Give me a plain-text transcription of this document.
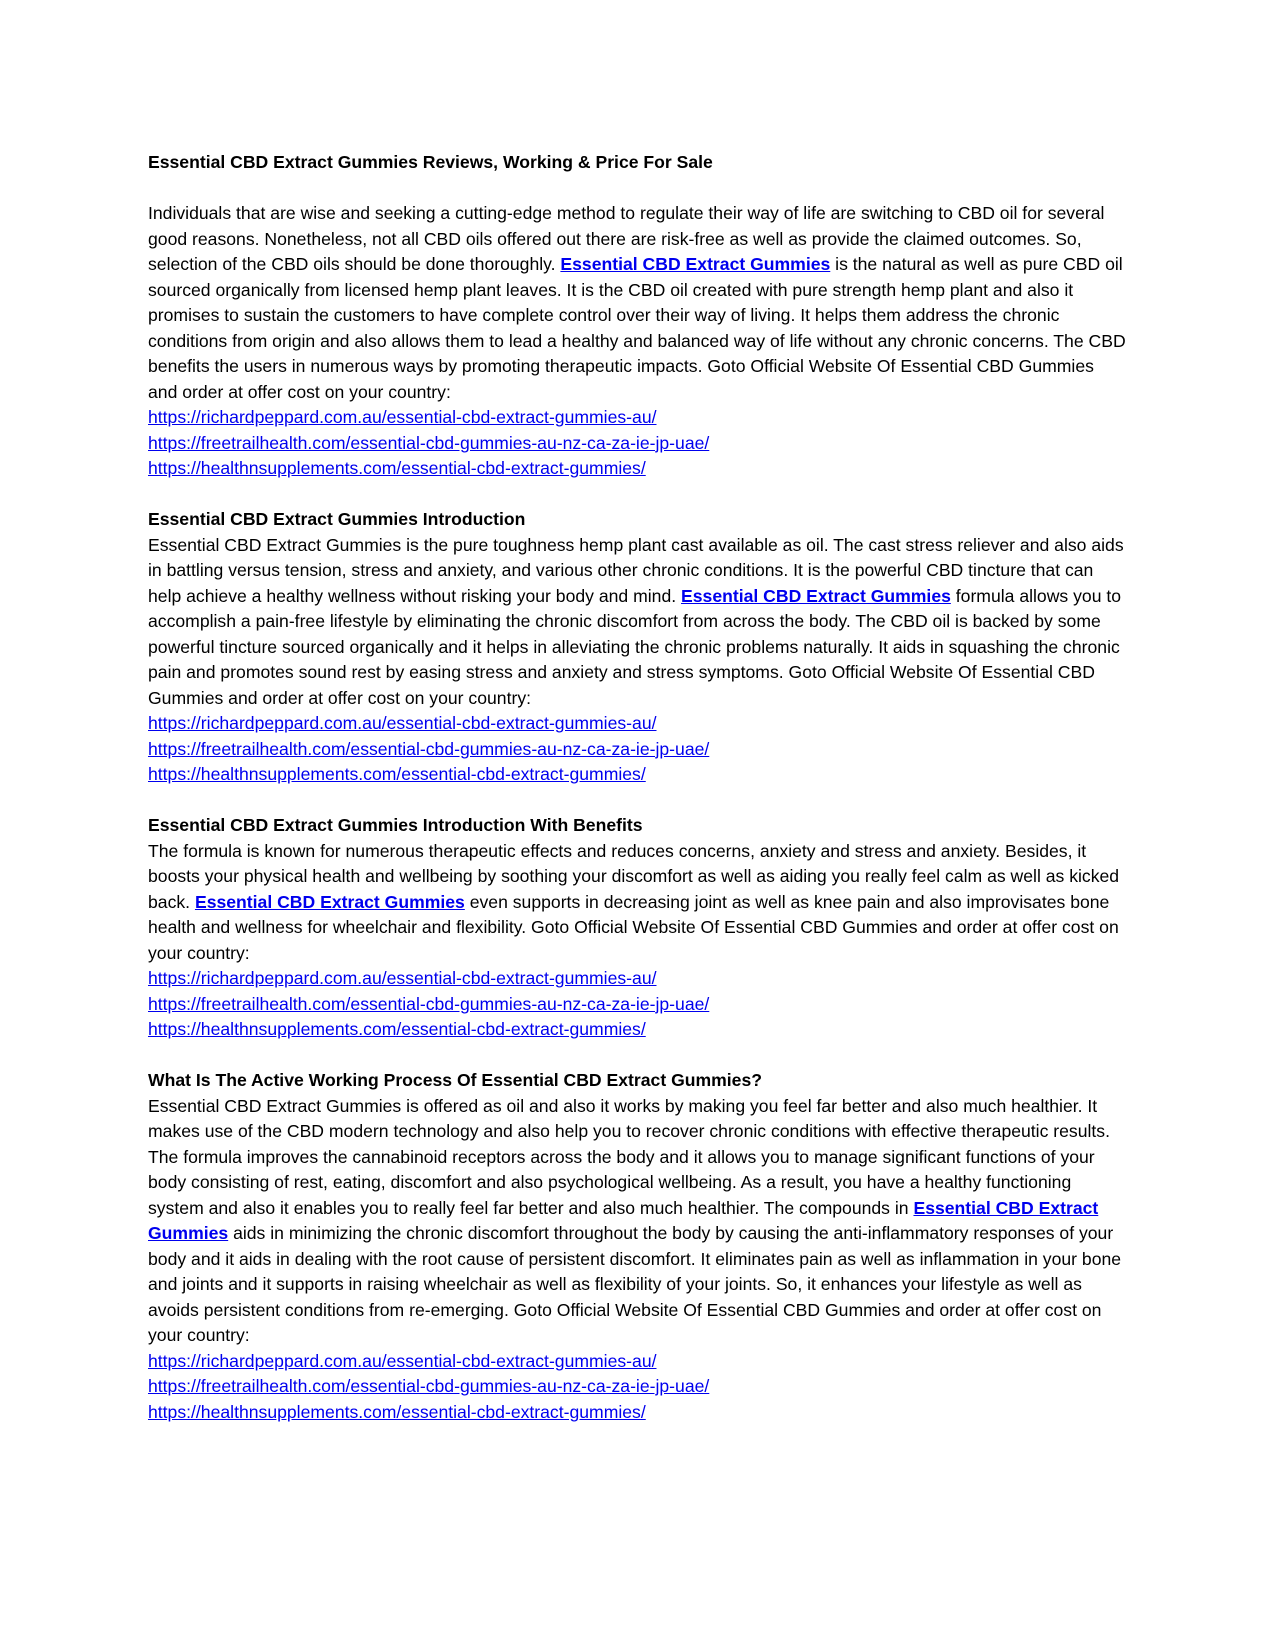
Essential CBD Extract Gummies Reviews, Working & Price For Sale

Individuals that are wise and seeking a cutting-edge method to regulate their way of life are switching to CBD oil for several good reasons. Nonetheless, not all CBD oils offered out there are risk-free as well as provide the claimed outcomes. So, selection of the CBD oils should be done thoroughly. Essential CBD Extract Gummies is the natural as well as pure CBD oil sourced organically from licensed hemp plant leaves. It is the CBD oil created with pure strength hemp plant and also it promises to sustain the customers to have complete control over their way of living. It helps them address the chronic conditions from origin and also allows them to lead a healthy and balanced way of life without any chronic concerns. The CBD benefits the users in numerous ways by promoting therapeutic impacts. Goto Official Website Of Essential CBD Gummies and order at offer cost on your country:

https://richardpeppard.com.au/essential-cbd-extract-gummies-au/
https://freetrailhealth.com/essential-cbd-gummies-au-nz-ca-za-ie-jp-uae/
https://healthnsupplements.com/essential-cbd-extract-gummies/

Essential CBD Extract Gummies Introduction

Essential CBD Extract Gummies is the pure toughness hemp plant cast available as oil. The cast stress reliever and also aids in battling versus tension, stress and anxiety, and various other chronic conditions. It is the powerful CBD tincture that can help achieve a healthy wellness without risking your body and mind. Essential CBD Extract Gummies formula allows you to accomplish a pain-free lifestyle by eliminating the chronic discomfort from across the body. The CBD oil is backed by some powerful tincture sourced organically and it helps in alleviating the chronic problems naturally. It aids in squashing the chronic pain and promotes sound rest by easing stress and anxiety and stress symptoms. Goto Official Website Of Essential CBD Gummies and order at offer cost on your country:

https://richardpeppard.com.au/essential-cbd-extract-gummies-au/
https://freetrailhealth.com/essential-cbd-gummies-au-nz-ca-za-ie-jp-uae/
https://healthnsupplements.com/essential-cbd-extract-gummies/

Essential CBD Extract Gummies Introduction With Benefits

The formula is known for numerous therapeutic effects and reduces concerns, anxiety and stress and anxiety. Besides, it boosts your physical health and wellbeing by soothing your discomfort as well as aiding you really feel calm as well as kicked back. Essential CBD Extract Gummies even supports in decreasing joint as well as knee pain and also improvisates bone health and wellness for wheelchair and flexibility. Goto Official Website Of Essential CBD Gummies and order at offer cost on your country:

https://richardpeppard.com.au/essential-cbd-extract-gummies-au/
https://freetrailhealth.com/essential-cbd-gummies-au-nz-ca-za-ie-jp-uae/
https://healthnsupplements.com/essential-cbd-extract-gummies/

What Is The Active Working Process Of Essential CBD Extract Gummies?

Essential CBD Extract Gummies is offered as oil and also it works by making you feel far better and also much healthier. It makes use of the CBD modern technology and also help you to recover chronic conditions with effective therapeutic results. The formula improves the cannabinoid receptors across the body and it allows you to manage significant functions of your body consisting of rest, eating, discomfort and also psychological wellbeing. As a result, you have a healthy functioning system and also it enables you to really feel far better and also much healthier. The compounds in Essential CBD Extract Gummies aids in minimizing the chronic discomfort throughout the body by causing the anti-inflammatory responses of your body and it aids in dealing with the root cause of persistent discomfort. It eliminates pain as well as inflammation in your bone and joints and it supports in raising wheelchair as well as flexibility of your joints. So, it enhances your lifestyle as well as avoids persistent conditions from re-emerging. Goto Official Website Of Essential CBD Gummies and order at offer cost on your country:

https://richardpeppard.com.au/essential-cbd-extract-gummies-au/
https://freetrailhealth.com/essential-cbd-gummies-au-nz-ca-za-ie-jp-uae/
https://healthnsupplements.com/essential-cbd-extract-gummies/
